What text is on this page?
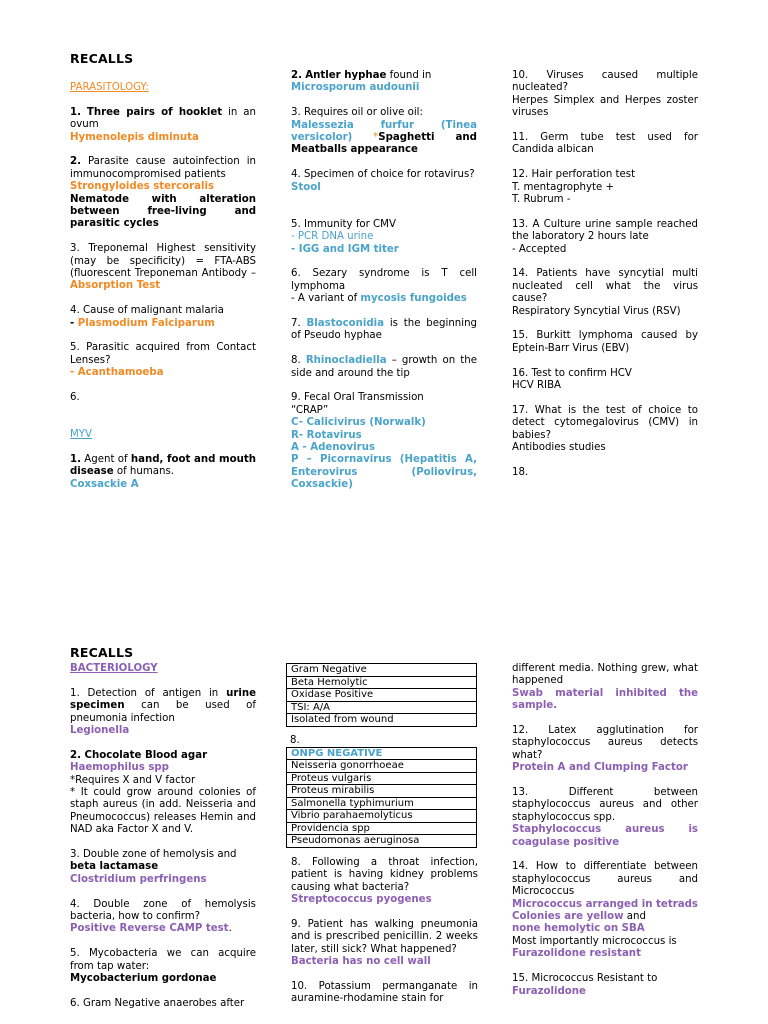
RECALLS

PARASITOLOGY:

1. Three pairs of hooklet in an ovum

Hymenolepis diminuta

2. Parasite cause autoinfection in immunocompromised patients

Strongyloides stercoralis

Nematode with alteration between free-living and parasitic cycles

3. Treponemal Highest sensitivity (may be specificity) = FTA-ABS (fluorescent Treponeman Antibody – Absorption Test

4. Cause of malignant malaria

- Plasmodium Falciparum

5. Parasitic acquired from Contact Lenses?

- Acanthamoeba

6.

MYV

1. Agent of hand, foot and mouth disease of humans.

Coxsackie A

2. Antler hyphae found in

Microsporum audounii

3. Requires oil or olive oil:

Malessezia furfur (Tinea versicolor) *Spaghetti and Meatballs appearance

4. Specimen of choice for rotavirus?

Stool

5. Immunity for CMV

- PCR DNA urine

- IGG and IGM titer

6. Sezary syndrome is T cell lymphoma

- A variant of mycosis fungoides

7. Blastoconidia is the beginning of Pseudo hyphae

8. Rhinocladiella – growth on the side and around the tip

9. Fecal Oral Transmission

“CRAP”

C- Calicivirus (Norwalk)

R- Rotavirus

A - Adenovirus

P – Picornavirus (Hepatitis A, Enterovirus (Poliovirus, Coxsackie)

10. Viruses caused multiple nucleated?

Herpes Simplex and Herpes zoster viruses

11. Germ tube test used for Candida albican

12. Hair perforation test

T. mentagrophyte +

T. Rubrum -

13. A Culture urine sample reached the laboratory 2 hours late

- Accepted

14. Patients have syncytial multi nucleated cell what the virus cause?

Respiratory Syncytial Virus (RSV)

15. Burkitt lymphoma caused by Eptein-Barr Virus (EBV)

16. Test to confirm HCV

HCV RIBA

17. What is the test of choice to detect cytomegalovirus (CMV) in babies?

Antibodies studies

18.

RECALLS

BACTERIOLOGY

1. Detection of antigen in urine specimen can be used of pneumonia infection

Legionella

2. Chocolate Blood agar

Haemophilus spp

*Requires X and V factor

* It could grow around colonies of staph aureus (in add. Neisseria and Pneumococcus) releases Hemin and NAD aka Factor X and V.

3. Double zone of hemolysis and

beta lactamase

Clostridium perfringens

4. Double zone of hemolysis bacteria, how to confirm?

Positive Reverse CAMP test.

5. Mycobacteria we can acquire from tap water:

Mycobacterium gordonae

6. Gram Negative anaerobes after

Gram Negative
Beta Hemolytic
Oxidase Positive
TSI: A/A
Isolated from wound

8.

ONPG NEGATIVE
Neisseria gonorrhoeae
Proteus vulgaris
Proteus mirabilis
Salmonella typhimurium
Vibrio parahaemolyticus
Providencia spp
Pseudomonas aeruginosa

8. Following a throat infection, patient is having kidney problems causing what bacteria?

Streptococcus pyogenes

9. Patient has walking pneumonia and is prescribed penicillin. 2 weeks later, still sick? What happened?

Bacteria has no cell wall

10. Potassium permanganate in auramine-rhodamine stain for

different media. Nothing grew, what happened

Swab material inhibited the sample.

12. Latex agglutination for staphylococcus aureus detects what?

Protein A and Clumping Factor

13. Different between staphylococcus aureus and other staphylococcus spp.

Staphylococcus aureus is coagulase positive

14. How to differentiate between staphylococcus aureus and Micrococcus

Micrococcus arranged in tetrads

Colonies are yellow and

none hemolytic on SBA

Most importantly micrococcus is

Furazolidone resistant

15. Micrococcus Resistant to

Furazolidone
